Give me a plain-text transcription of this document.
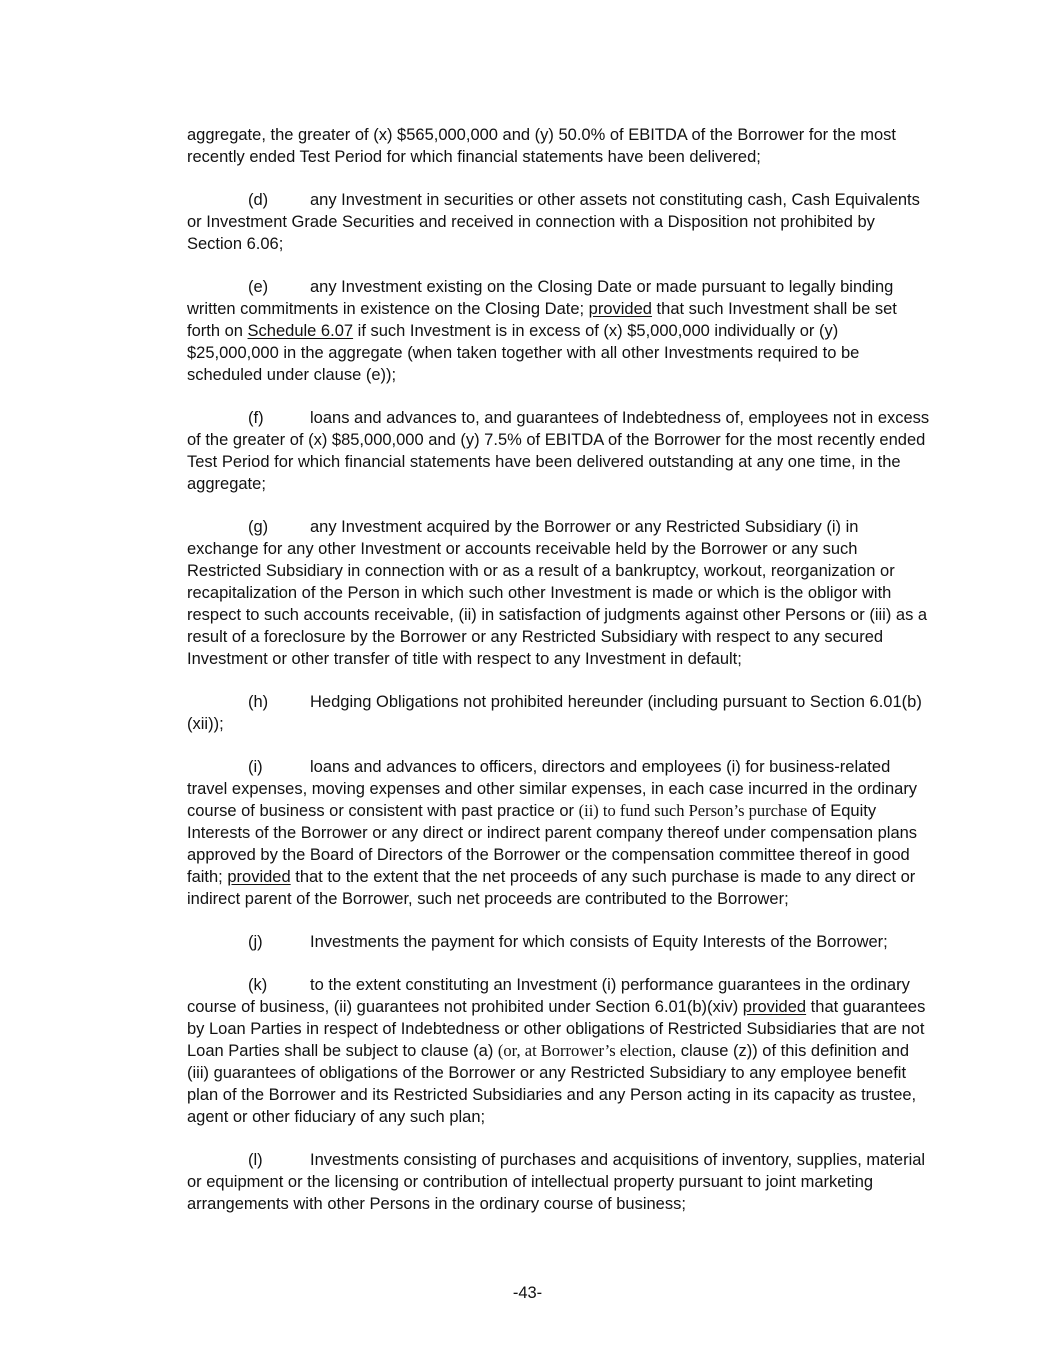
aggregate, the greater of (x) $565,000,000 and (y) 50.0% of EBITDA of the Borrower for the most recently ended Test Period for which financial statements have been delivered;

(d)	any Investment in securities or other assets not constituting cash, Cash Equivalents or Investment Grade Securities and received in connection with a Disposition not prohibited by Section 6.06;

(e)	any Investment existing on the Closing Date or made pursuant to legally binding written commitments in existence on the Closing Date; provided that such Investment shall be set forth on Schedule 6.07 if such Investment is in excess of (x) $5,000,000 individually or (y) $25,000,000 in the aggregate (when taken together with all other Investments required to be scheduled under clause (e));

(f)	loans and advances to, and guarantees of Indebtedness of, employees not in excess of the greater of (x) $85,000,000 and (y) 7.5% of EBITDA of the Borrower for the most recently ended Test Period for which financial statements have been delivered outstanding at any one time, in the aggregate;

(g)	any Investment acquired by the Borrower or any Restricted Subsidiary (i) in exchange for any other Investment or accounts receivable held by the Borrower or any such Restricted Subsidiary in connection with or as a result of a bankruptcy, workout, reorganization or recapitalization of the Person in which such other Investment is made or which is the obligor with respect to such accounts receivable, (ii) in satisfaction of judgments against other Persons or (iii) as a result of a foreclosure by the Borrower or any Restricted Subsidiary with respect to any secured Investment or other transfer of title with respect to any Investment in default;

(h)	Hedging Obligations not prohibited hereunder (including pursuant to Section 6.01(b)(xii));

(i)	loans and advances to officers, directors and employees (i) for business-related travel expenses, moving expenses and other similar expenses, in each case incurred in the ordinary course of business or consistent with past practice or (ii) to fund such Person’s purchase of Equity Interests of the Borrower or any direct or indirect parent company thereof under compensation plans approved by the Board of Directors of the Borrower or the compensation committee thereof in good faith; provided that to the extent that the net proceeds of any such purchase is made to any direct or indirect parent of the Borrower, such net proceeds are contributed to the Borrower;

(j)	Investments the payment for which consists of Equity Interests of the Borrower;

(k)	to the extent constituting an Investment (i) performance guarantees in the ordinary course of business, (ii) guarantees not prohibited under Section 6.01(b)(xiv) provided that guarantees by Loan Parties in respect of Indebtedness or other obligations of Restricted Subsidiaries that are not Loan Parties shall be subject to clause (a) (or, at Borrower’s election, clause (z)) of this definition and (iii) guarantees of obligations of the Borrower or any Restricted Subsidiary to any employee benefit plan of the Borrower and its Restricted Subsidiaries and any Person acting in its capacity as trustee, agent or other fiduciary of any such plan;

(l)	Investments consisting of purchases and acquisitions of inventory, supplies, material or equipment or the licensing or contribution of intellectual property pursuant to joint marketing arrangements with other Persons in the ordinary course of business;

-43-
